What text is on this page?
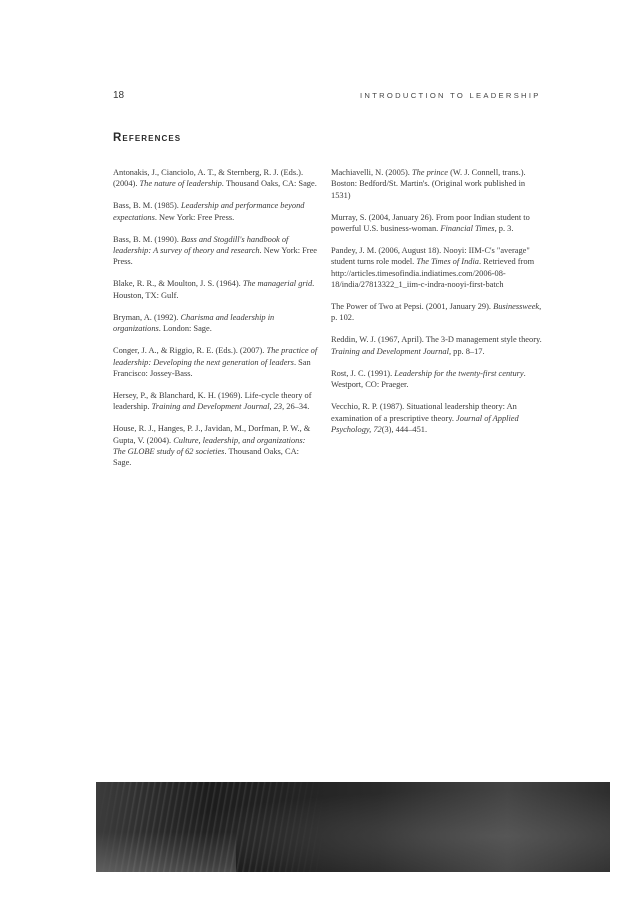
18	INTRODUCTION TO LEADERSHIP
References

Antonakis, J., Cianciolo, A. T., & Sternberg, R. J. (Eds.). (2004). The nature of leadership. Thousand Oaks, CA: Sage.

Bass, B. M. (1985). Leadership and performance beyond expectations. New York: Free Press.

Bass, B. M. (1990). Bass and Stogdill's handbook of leadership: A survey of theory and research. New York: Free Press.

Blake, R. R., & Moulton, J. S. (1964). The managerial grid. Houston, TX: Gulf.

Bryman, A. (1992). Charisma and leadership in organizations. London: Sage.

Conger, J. A., & Riggio, R. E. (Eds.). (2007). The practice of leadership: Developing the next generation of leaders. San Francisco: Jossey-Bass.

Hersey, P., & Blanchard, K. H. (1969). Life-cycle theory of leadership. Training and Development Journal, 23, 26–34.

House, R. J., Hanges, P. J., Javidan, M., Dorfman, P. W., & Gupta, V. (2004). Culture, leadership, and organizations: The GLOBE study of 62 societies. Thousand Oaks, CA: Sage.

Machiavelli, N. (2005). The prince (W. J. Connell, trans.). Boston: Bedford/St. Martin's. (Original work published in 1531)

Murray, S. (2004, January 26). From poor Indian student to powerful U.S. business-woman. Financial Times, p. 3.

Pandey, J. M. (2006, August 18). Nooyi: IIM-C's "average" student turns role model. The Times of India. Retrieved from http://articles.timesofindia.indiatimes.com/2006-08-18/india/27813322_1_iim-c-indra-nooyi-first-batch

The Power of Two at Pepsi. (2001, January 29). Businessweek, p. 102.

Reddin, W. J. (1967, April). The 3-D management style theory. Training and Development Journal, pp. 8–17.

Rost, J. C. (1991). Leadership for the twenty-first century. Westport, CO: Praeger.

Vecchio, R. P. (1987). Situational leadership theory: An examination of a prescriptive theory. Journal of Applied Psychology, 72(3), 444–451.
